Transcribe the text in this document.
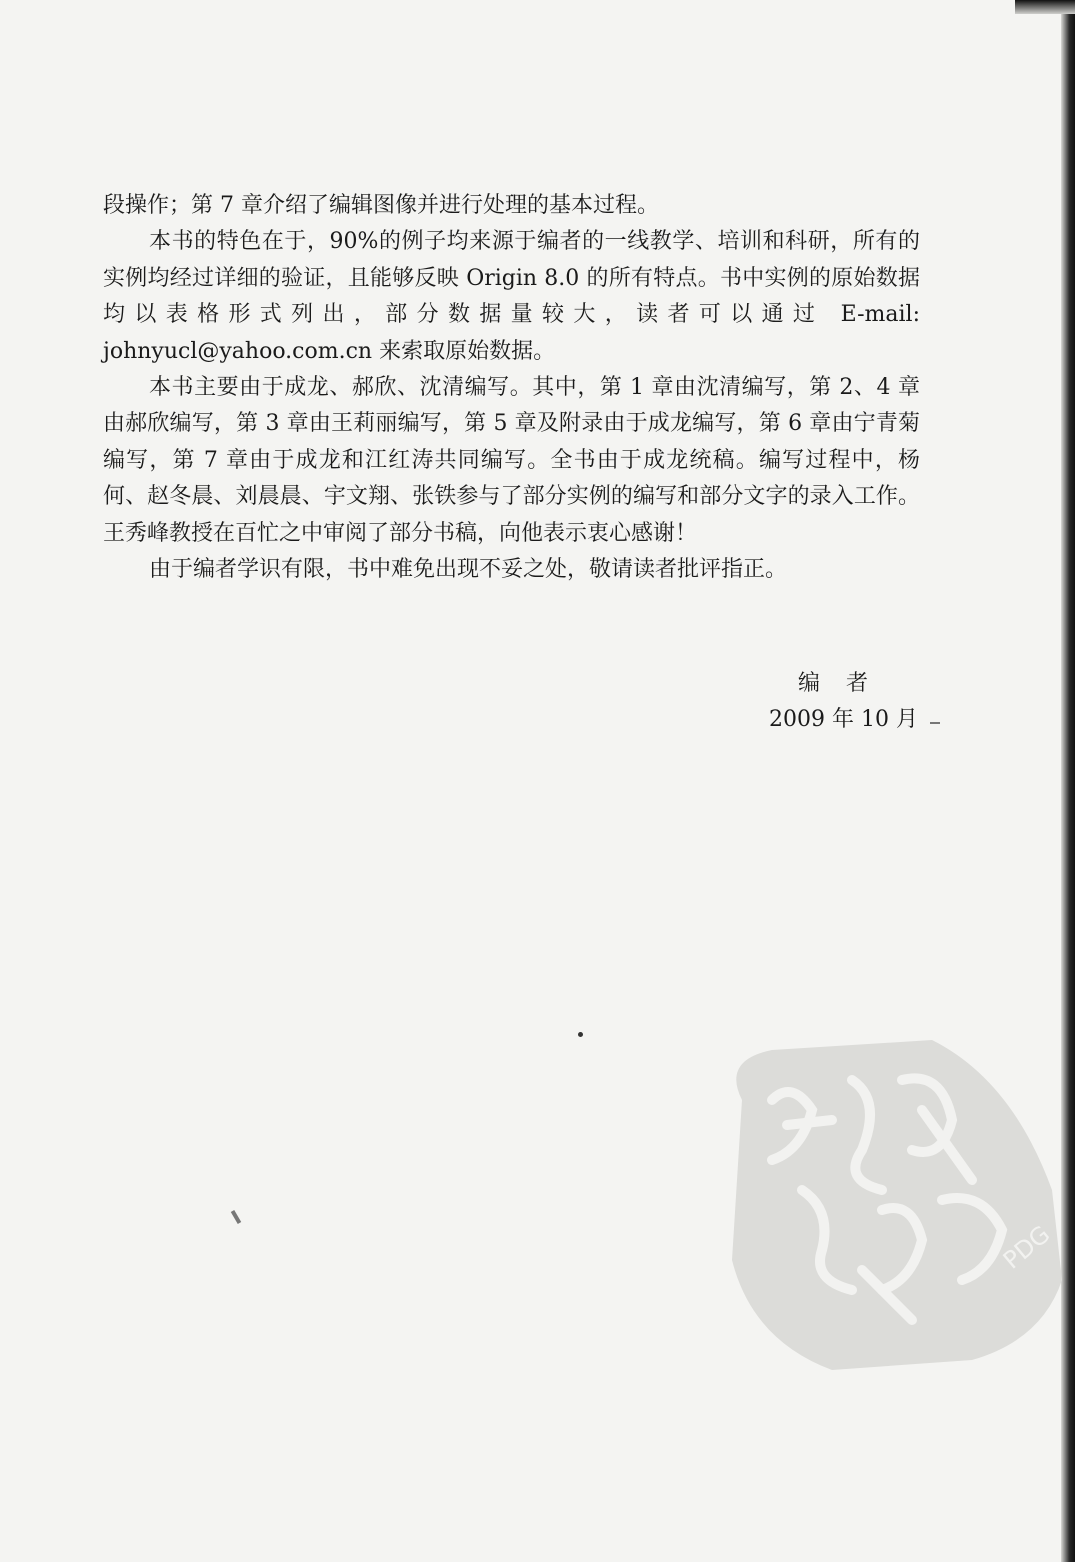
段操作；第 7 章介绍了编辑图像并进行处理的基本过程。

本书的特色在于，90%的例子均来源于编者的一线教学、培训和科研，所有的实例均经过详细的验证，且能够反映 Origin 8.0 的所有特点。书中实例的原始数据均以表格形式列出，部分数据量较大，读者可以通过 E-mail: johnyucl@yahoo.com.cn 来索取原始数据。

本书主要由于成龙、郝欣、沈清编写。其中，第 1 章由沈清编写，第 2、4 章由郝欣编写，第 3 章由王莉丽编写，第 5 章及附录由于成龙编写，第 6 章由宁青菊编写，第 7 章由于成龙和江红涛共同编写。全书由于成龙统稿。编写过程中，杨何、赵冬晨、刘晨晨、宇文翔、张铁参与了部分实例的编写和部分文字的录入工作。王秀峰教授在百忙之中审阅了部分书稿，向他表示衷心感谢！

由于编者学识有限，书中难免出现不妥之处，敬请读者批评指正。

编者
2009 年 10 月
PDG
